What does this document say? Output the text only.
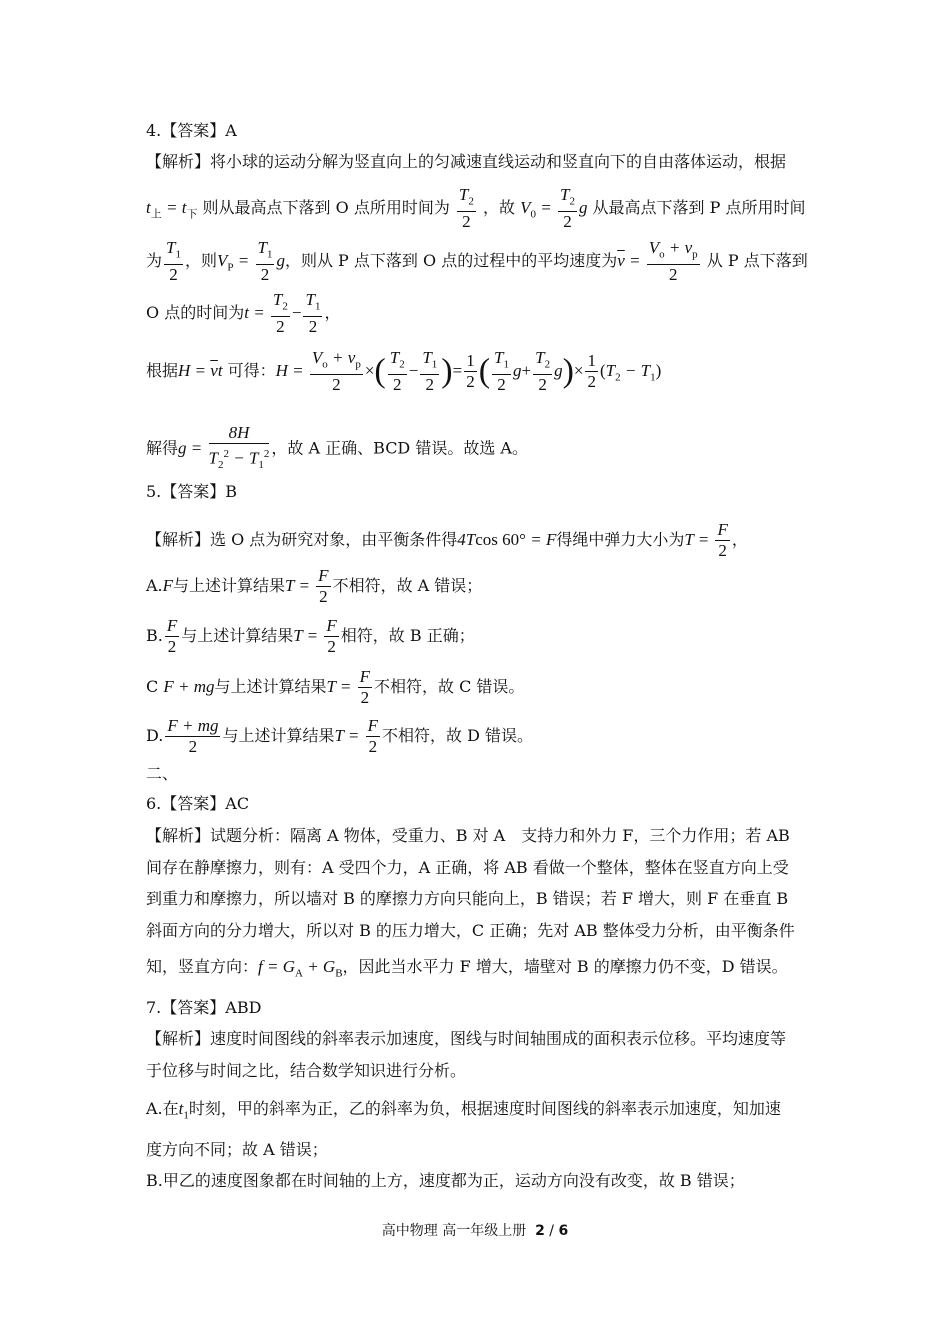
4.【答案】A
【解析】将小球的运动分解为竖直向上的匀减速直线运动和竖直向下的自由落体运动，根据
$t_上 = t_下$ 则从最高点下落到 O 点所用时间为 $\frac{T_2}{2}$ ，故 $V_0 = \frac{T_2}{2}$ g 从最高点下落到 P 点所用时间
为 $\frac{T_1}{2}$ ，则$V_P = \frac{T_1}{2}$ g，则从 P 点下落到 O 点的过程中的平均速度为$\overline{v} = \frac{V_o + v_p}{2}$ 从 P 点下落到
O 点的时间为$t = \frac{T_2}{2} - \frac{T_1}{2}$ ，
根据$H = \overline{v}t$ 可得：$H = \frac{V_o + v_p}{2}$ ×( $\frac{T_2}{2} - \frac{T_1}{2}$ )= $\frac{1}{2}$ ( $\frac{T_1}{2} g+ \frac{T_2}{2} g)\times \frac{1}{2} (T_2 - T_1)$
解得$g = \frac{8H}{T_2^2 - T_1^2}$ ，故 A 正确、BCD 错误。故选 A。
5.【答案】B
【解析】选 O 点为研究对象，由平衡条件得4Tcos 60° = F得绳中弹力大小为$T = \frac{F}{2}$ ，
A.F与上述计算结果$T = \frac{F}{2}$ 不相符，故 A 错误；
B. $\frac{F}{2}$ 与上述计算结果$T = \frac{F}{2}$ 相符，故 B 正确；
C F + mg与上述计算结果$T = \frac{F}{2}$ 不相符，故 C 错误。
D. $\frac{F + mg}{2}$ 与上述计算结果$T = \frac{F}{2}$ 不相符，故 D 错误。
二、
6.【答案】AC
【解析】试题分析：隔离 A 物体，受重力、B 对 A　支持力和外力 F，三个力作用；若 AB
间存在静摩擦力，则有：A 受四个力，A 正确，将 AB 看做一个整体，整体在竖直方向上受
到重力和摩擦力，所以墙对 B 的摩擦力方向只能向上，B 错误；若 F 增大，则 F 在垂直 B
斜面方向的分力增大，所以对 B 的压力增大，C 正确；先对 AB 整体受力分析，由平衡条件
知，竖直方向：$f = G_A + G_B$，因此当水平力 F 增大，墙壁对 B 的摩擦力仍不变，D 错误。
7.【答案】ABD
【解析】速度时间图线的斜率表示加速度，图线与时间轴围成的面积表示位移。平均速度等
于位移与时间之比，结合数学知识进行分析。
A.在$t_1$时刻，甲的斜率为正，乙的斜率为负，根据速度时间图线的斜率表示加速度，知加速
度方向不同；故 A 错误；
B.甲乙的速度图象都在时间轴的上方，速度都为正，运动方向没有改变，故 B 错误；
高中物理 高一年级上册 2 / 6
